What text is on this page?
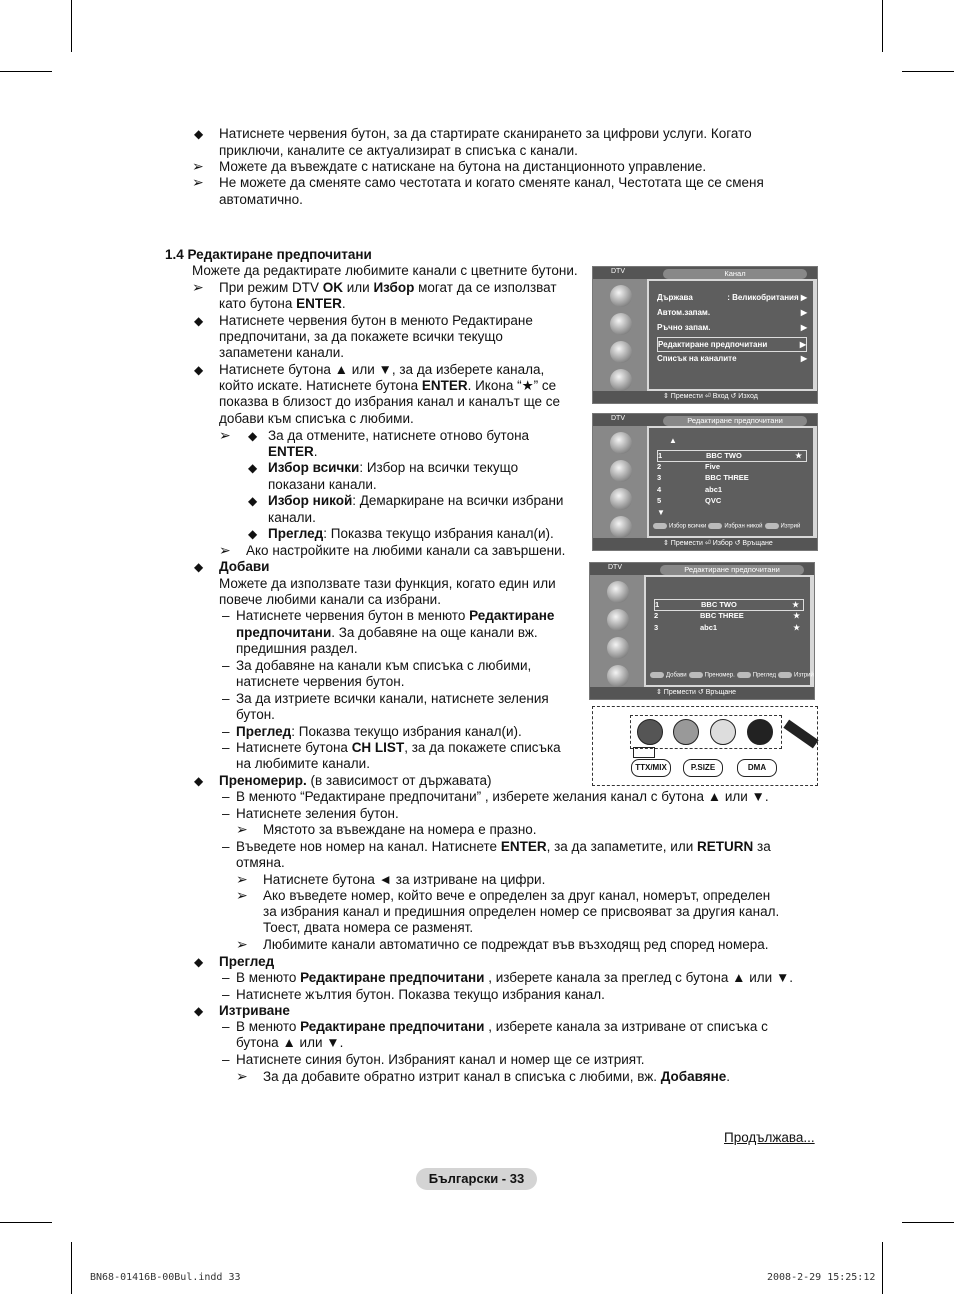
◆ Натиснете червения бутон, за да стартирате сканирането за цифрови услуги. Когато
приключи, каналите се актуализират в списъка с канали.
➢ Можете да въвеждате с натискане на бутона на дистанционното управление.
➢ Не можете да сменяте само честотата и когато сменяте канал, Честотата ще се сменя
автоматично.
1.4 Редактиране предпочитани
Можете да редактирате любимите канали с цветните бутони.
➢ При режим DTV OK или Избор могат да се използват
като бутона ENTER.
◆ Натиснете червения бутон в менюто Редактиране
предпочитани, за да покажете всички текущо
запаметени канали.
◆ Натиснете бутона ▲ или ▼, за да изберете канала,
който искате. Натиснете бутона ENTER. Икона “★” се
показва в близост до избрания канал и каналът ще се
добави към списъка с любими.
➢ ◆ За да отмените, натиснете отново бутона
ENTER.
◆ Избор всички: Избор на всички текущо
показани канали.
◆ Избор никой: Демаркиране на всички избрани
канали.
◆ Преглед: Показва текущо избрания канал(и).
➢ Ако настройките на любими канали са завършени.
◆ Добави
Можете да използвате тази функция, когато един или
повече любими канали са избрани.
– Натиснете червения бутон в менюто Редактиране
предпочитани. За добавяне на още канали вж.
предишния раздел.
– За добавяне на канали към списъка с любими,
натиснете червения бутон.
– За да изтриете всички канали, натиснете зеления
бутон.
– Преглед: Показва текущо избрания канал(и).
– Натиснете бутона CH LIST, за да покажете списъка
на любимите канали.
◆ Преномерир. (в зависимост от държавата)
– В менюто “Редактиране предпочитани” , изберете желания канал с бутона ▲ или ▼.
– Натиснете зеления бутон.
➢ Мястото за въвеждане на номера е празно.
– Въведете нов номер на канал. Натиснете ENTER, за да запаметите, или RETURN за
отмяна.
➢ Натиснете бутона ◄ за изтриване на цифри.
➢ Ако въведете номер, който вече е определен за друг канал, номерът, определен
за избрания канал и предишния определен номер се присвояват за другия канал.
Тоест, двата номера се разменят.
➢ Любимите канали автоматично се подреждат във възходящ ред според номера.
◆ Преглед
– В менюто Редактиране предпочитани , изберете канала за преглед с бутона ▲ или ▼.
– Натиснете жълтия бутон. Показва текущо избрания канал.
◆ Изтриване
– В менюто Редактиране предпочитани , изберете канала за изтриване от списъка с
бутона ▲ или ▼.
– Натиснете синия бутон. Избраният канал и номер ще се изтрият.
➢ За да добавите обратно изтрит канал в списъка с любими, вж. Добавяне.
Продължава...
Български - 33
BN68-01416B-00Bul.indd 33	2008-2-29 15:25:12
DTV	Канал
Държава	: Великобритания ▶
Автом.запам.	▶
Ръчно запам.	▶
Редактиране предпочитани	▶
Списък на каналите	▶
⇕ Премести ⏎ Вход ↺ Изход
DTV	Редактиране предпочитани
▲
1	BBC TWO	★
2	Five
3	BBC THREE
4	abc1
5	QVC
▼
Избор всички	Избран никой	Изтрий
⇕ Премести ⏎ Избор ↺ Връщане
DTV	Редактиране предпочитани
1	BBC TWO	★
2	BBC THREE	★
3	abc1	★
Добави	Преномер.	Преглед	Изтрий
⇕ Премести ↺ Връщане
TTX/MIX	P.SIZE	DMA
